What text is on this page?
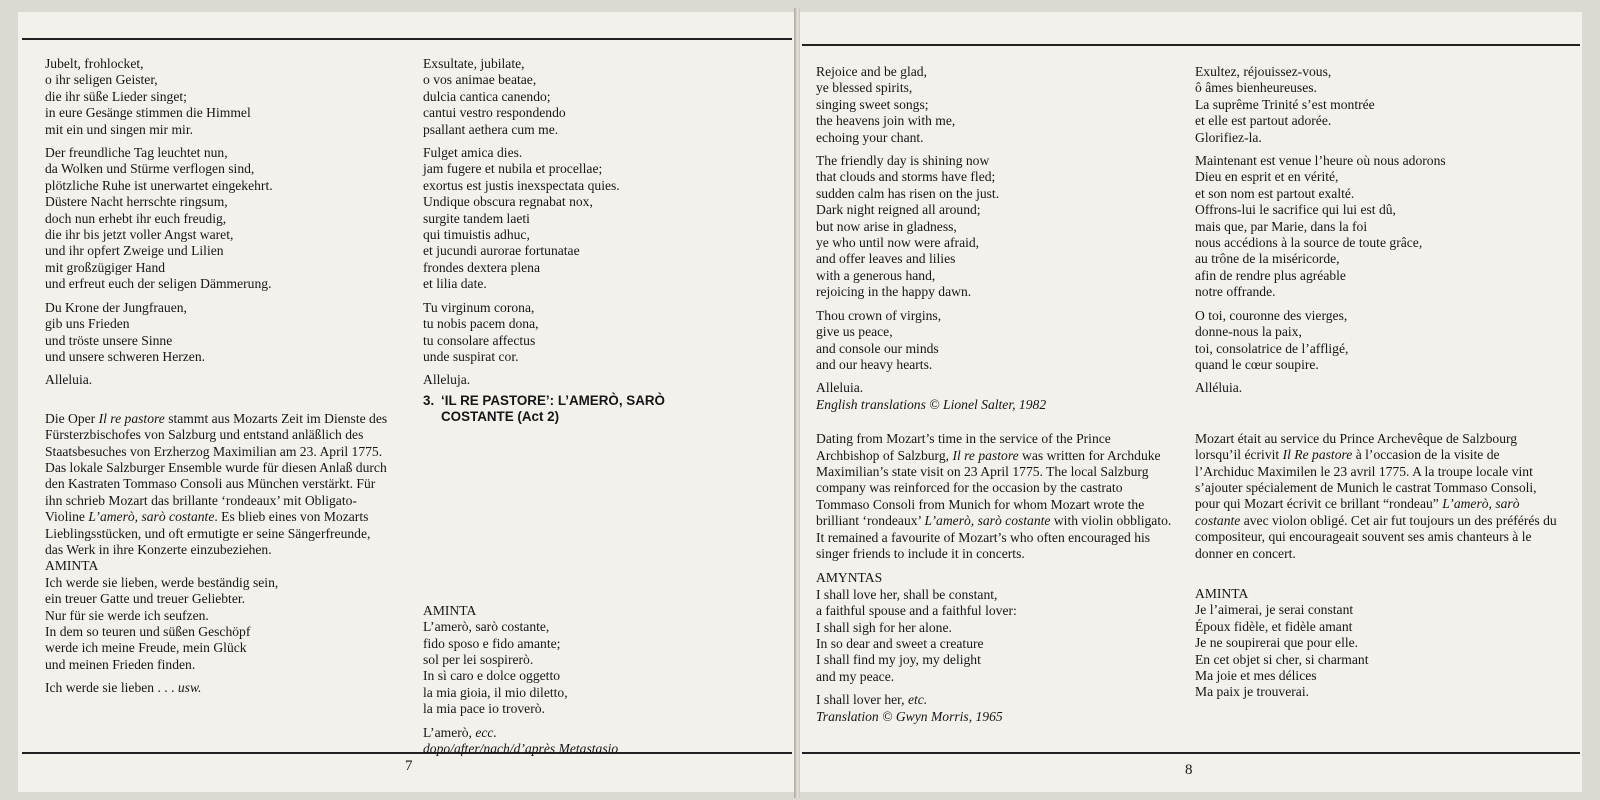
Jubelt, frohlocket,

o ihr seligen Geister,

die ihr süße Lieder singet;

in eure Gesänge stimmen die Himmel

mit ein und singen mir mir.

Der freundliche Tag leuchtet nun,

da Wolken und Stürme verflogen sind,

plötzliche Ruhe ist unerwartet eingekehrt.

Düstere Nacht herrschte ringsum,

doch nun erhebt ihr euch freudig,

die ihr bis jetzt voller Angst waret,

und ihr opfert Zweige und Lilien

mit großzügiger Hand

und erfreut euch der seligen Dämmerung.

Du Krone der Jungfrauen,

gib uns Frieden

und tröste unsere Sinne

und unsere schweren Herzen.

Alleluia.

Die Oper Il re pastore stammt aus Mozarts Zeit im Dienste des Fürsterzbischofes von Salzburg und entstand anläßlich des Staatsbesuches von Erzherzog Maximilian am 23. April 1775. Das lokale Salzburger Ensemble wurde für diesen Anlaß durch den Kastraten Tommaso Consoli aus München verstärkt. Für ihn schrieb Mozart das brillante ‘rondeaux’ mit Obligato-Violine L’amerò, sarò costante. Es blieb eines von Mozarts Lieblingsstücken, und oft ermutigte er seine Sängerfreunde, das Werk in ihre Konzerte einzubeziehen.

AMINTA

Ich werde sie lieben, werde beständig sein,

ein treuer Gatte und treuer Geliebter.

Nur für sie werde ich seufzen.

In dem so teuren und süßen Geschöpf

werde ich meine Freude, mein Glück

und meinen Frieden finden.

Ich werde sie lieben . . . usw.

Exsultate, jubilate,

o vos animae beatae,

dulcia cantica canendo;

cantui vestro respondendo

psallant aethera cum me.

Fulget amica dies.

jam fugere et nubila et procellae;

exortus est justis inexspectata quies.

Undique obscura regnabat nox,

surgite tandem laeti

qui timuistis adhuc,

et jucundi aurorae fortunatae

frondes dextera plena

et lilia date.

Tu virginum corona,

tu nobis pacem dona,

tu consolare affectus

unde suspirat cor.

Alleluja.

3. ‘IL RE PASTORE’: L’AMERÒ, SARÒ
COSTANTE (Act 2)

AMINTA

L’amerò, sarò costante,

fido sposo e fido amante;

sol per lei sospirerò.

In sì caro e dolce oggetto

la mia gioia, il mio diletto,

la mia pace io troverò.

L’amerò, ecc.

dopo/after/nach/d’après Metastasio

7

Rejoice and be glad,

ye blessed spirits,

singing sweet songs;

the heavens join with me,

echoing your chant.

The friendly day is shining now

that clouds and storms have fled;

sudden calm has risen on the just.

Dark night reigned all around;

but now arise in gladness,

ye who until now were afraid,

and offer leaves and lilies

with a generous hand,

rejoicing in the happy dawn.

Thou crown of virgins,

give us peace,

and console our minds

and our heavy hearts.

Alleluia.

English translations © Lionel Salter, 1982

Dating from Mozart’s time in the service of the Prince Archbishop of Salzburg, Il re pastore was written for Archduke Maximilian’s state visit on 23 April 1775. The local Salzburg company was reinforced for the occasion by the castrato Tommaso Consoli from Munich for whom Mozart wrote the brilliant ‘rondeaux’ L’amerò, sarò costante with violin obbligato. It remained a favourite of Mozart’s who often encouraged his singer friends to include it in concerts.

AMYNTAS

I shall love her, shall be constant,

a faithful spouse and a faithful lover:

I shall sigh for her alone.

In so dear and sweet a creature

I shall find my joy, my delight

and my peace.

I shall lover her, etc.

Translation © Gwyn Morris, 1965

Exultez, réjouissez-vous,

ô âmes bienheureuses.

La suprême Trinité s’est montrée

et elle est partout adorée.

Glorifiez-la.

Maintenant est venue l’heure où nous adorons

Dieu en esprit et en vérité,

et son nom est partout exalté.

Offrons-lui le sacrifice qui lui est dû,

mais que, par Marie, dans la foi

nous accédions à la source de toute grâce,

au trône de la miséricorde,

afin de rendre plus agréable

notre offrande.

O toi, couronne des vierges,

donne-nous la paix,

toi, consolatrice de l’affligé,

quand le cœur soupire.

Alléluia.

Mozart était au service du Prince Archevêque de Salzbourg lorsqu’il écrivit Il Re pastore à l’occasion de la visite de l’Archiduc Maximilen le 23 avril 1775. A la troupe locale vint s’ajouter spécialement de Munich le castrat Tommaso Consoli, pour qui Mozart écrivit ce brillant “rondeau” L’amerò, sarò costante avec violon obligé. Cet air fut toujours un des préférés du compositeur, qui encourageait souvent ses amis chanteurs à le donner en concert.

AMINTA

Je l’aimerai, je serai constant

Époux fidèle, et fidèle amant

Je ne soupirerai que pour elle.

En cet objet si cher, si charmant

Ma joie et mes délices

Ma paix je trouverai.

8
